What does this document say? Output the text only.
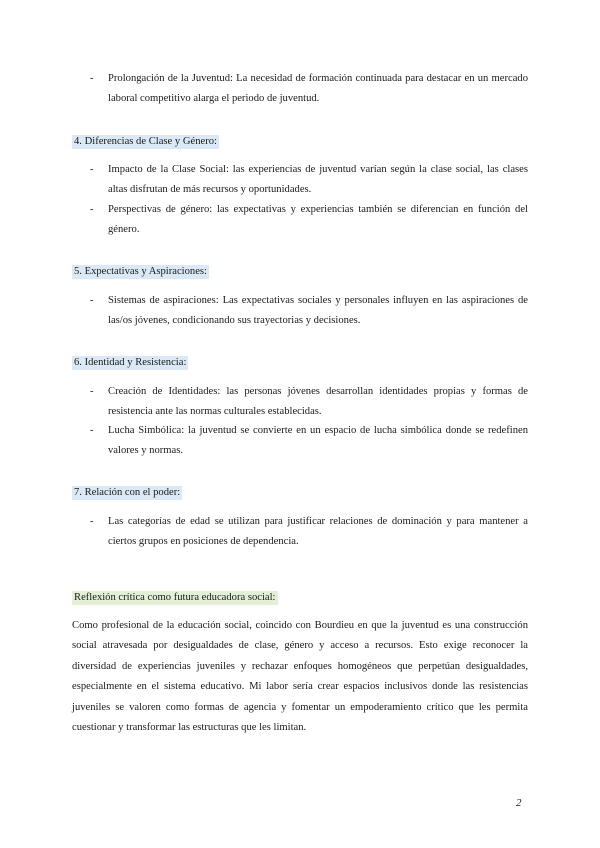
- Prolongación de la Juventud: La necesidad de formación continuada para destacar en un mercado laboral competitivo alarga el periodo de juventud.
4. Diferencias de Clase y Género:
- Impacto de la Clase Social: las experiencias de juventud varían según la clase social, las clases altas disfrutan de más recursos y oportunidades.
- Perspectivas de género: las expectativas y experiencias también se diferencian en función del género.
5. Expectativas y Aspiraciones:
- Sistemas de aspiraciones: Las expectativas sociales y personales influyen en las aspiraciones de las/os jóvenes, condicionando sus trayectorias y decisiones.
6. Identidad y Resistencia:
- Creación de Identidades: las personas jóvenes desarrollan identidades propias y formas de resistencia ante las normas culturales establecidas.
- Lucha Simbólica: la juventud se convierte en un espacio de lucha simbólica donde se redefinen valores y normas.
7. Relación con el poder:
- Las categorías de edad se utilizan para justificar relaciones de dominación y para mantener a ciertos grupos en posiciones de dependencia.
Reflexión crítica como futura educadora social:
Como profesional de la educación social, coincido con Bourdieu en que la juventud es una construcción social atravesada por desigualdades de clase, género y acceso a recursos. Esto exige reconocer la diversidad de experiencias juveniles y rechazar enfoques homogéneos que perpetúan desigualdades, especialmente en el sistema educativo. Mi labor sería crear espacios inclusivos donde las resistencias juveniles se valoren como formas de agencia y fomentar un empoderamiento crítico que les permita cuestionar y transformar las estructuras que les limitan.
2
